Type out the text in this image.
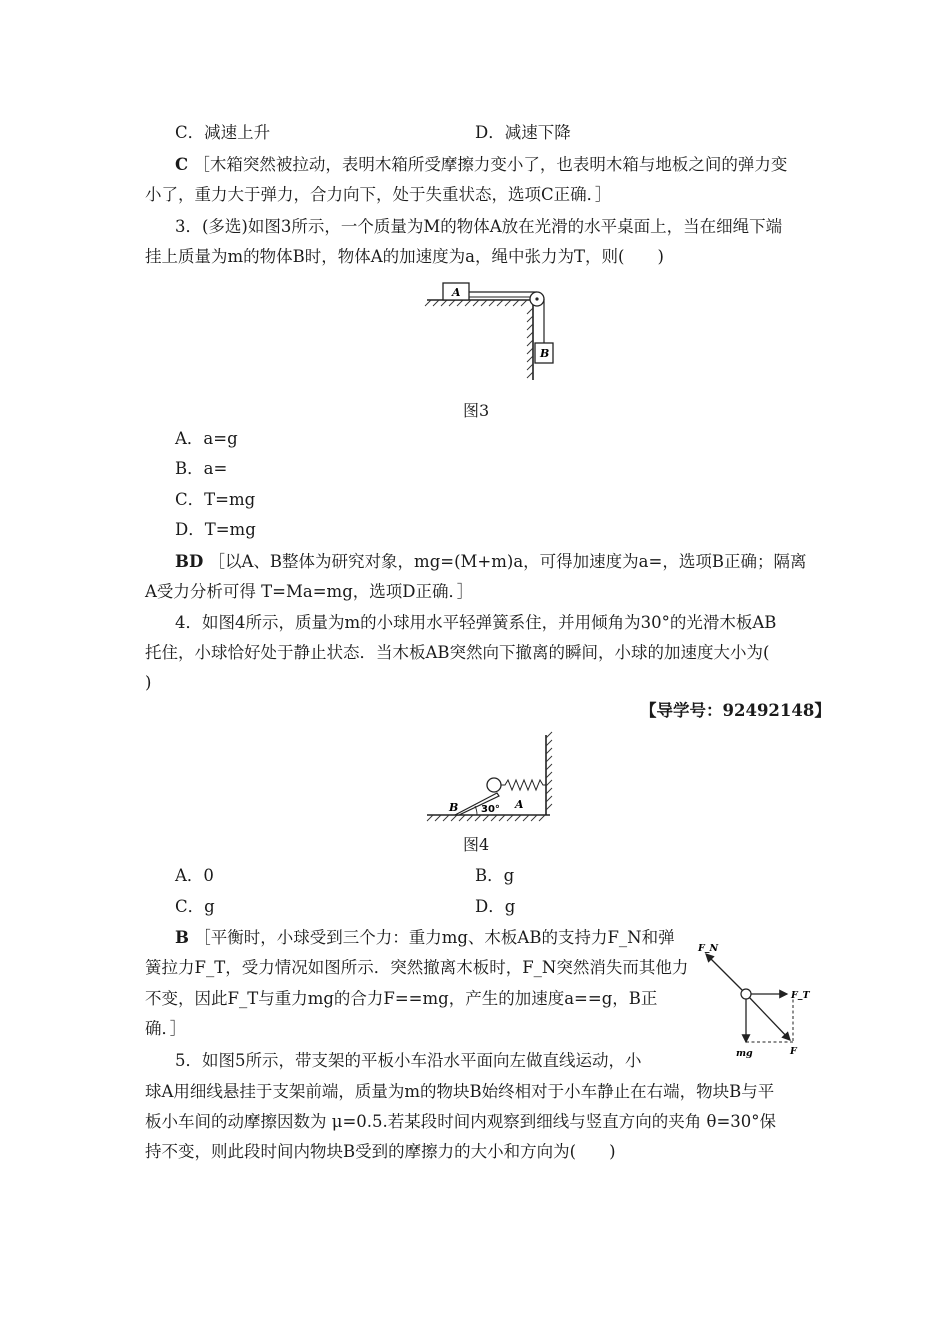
C．减速上升	D．减速下降
C ［木箱突然被拉动，表明木箱所受摩擦力变小了，也表明木箱与地板之间的弹力变
小了，重力大于弹力，合力向下，处于失重状态，选项C正确．］
3．(多选)如图3所示，一个质量为M的物体A放在光滑的水平桌面上，当在细绳下端
挂上质量为m的物体B时，物体A的加速度为a，绳中张力为T，则(　　)
A
B
图3
A．a=g
B．a=
C．T=mg
D．T=mg
BD ［以A、B整体为研究对象，mg=(M+m)a，可得加速度为a=，选项B正确；隔离
A受力分析可得 T=Ma=mg，选项D正确．］
4．如图4所示，质量为m的小球用水平轻弹簧系住，并用倾角为30°的光滑木板AB
托住，小球恰好处于静止状态．当木板AB突然向下撤离的瞬间，小球的加速度大小为(
)
【导学号：92492148】
B	A
30°
图4
A．0	B．g
C．g	D．g
B ［平衡时，小球受到三个力：重力mg、木板AB的支持力F_N和弹
簧拉力F_T，受力情况如图所示．突然撤离木板时，F_N突然消失而其他力
不变，因此F_T与重力mg的合力F==mg，产生的加速度a==g，B正
确．］
F_N
F_T
mg	F
5．如图5所示，带支架的平板小车沿水平面向左做直线运动，小
球A用细线悬挂于支架前端，质量为m的物块B始终相对于小车静止在右端，物块B与平
板小车间的动摩擦因数为 μ=0.5.若某段时间内观察到细线与竖直方向的夹角 θ=30°保
持不变，则此段时间内物块B受到的摩擦力的大小和方向为(　　)
